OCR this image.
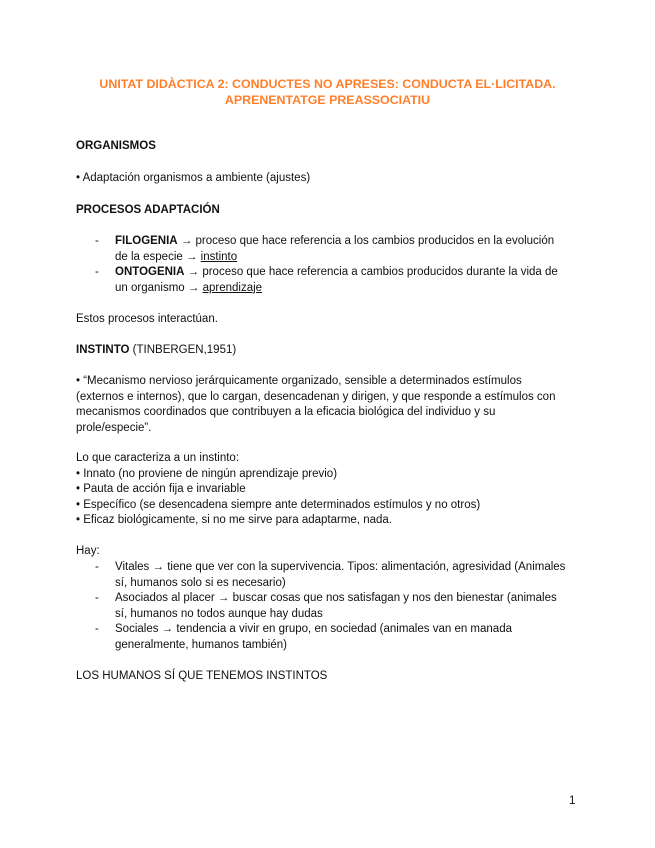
UNITAT DIDÀCTICA 2: CONDUCTES NO APRESES: CONDUCTA EL·LICITADA.
APRENENTATGE PREASSOCIATIU
ORGANISMOS
• Adaptación organismos a ambiente (ajustes)
PROCESOS ADAPTACIÓN
- FILOGENIA → proceso que hace referencia a los cambios producidos en la evolución
de la especie → instinto
- ONTOGENIA → proceso que hace referencia a cambios producidos durante la vida de
un organismo → aprendizaje
Estos procesos interactúan.
INSTINTO (TINBERGEN,1951)
• “Mecanismo nervioso jerárquicamente organizado, sensible a determinados estímulos
(externos e internos), que lo cargan, desencadenan y dirigen, y que responde a estímulos con
mecanismos coordinados que contribuyen a la eficacia biológica del individuo y su
prole/especie”.
Lo que caracteriza a un instinto:
• Innato (no proviene de ningún aprendizaje previo)
• Pauta de acción fija e invariable
• Específico (se desencadena siempre ante determinados estímulos y no otros)
• Eficaz biológicamente, si no me sirve para adaptarme, nada.
Hay:
- Vitales → tiene que ver con la supervivencia. Tipos: alimentación, agresividad (Animales
sí, humanos solo si es necesario)
- Asociados al placer → buscar cosas que nos satisfagan y nos den bienestar (animales
sí, humanos no todos aunque hay dudas
- Sociales → tendencia a vivir en grupo, en sociedad (animales van en manada
generalmente, humanos también)
LOS HUMANOS SÍ QUE TENEMOS INSTINTOS
1
